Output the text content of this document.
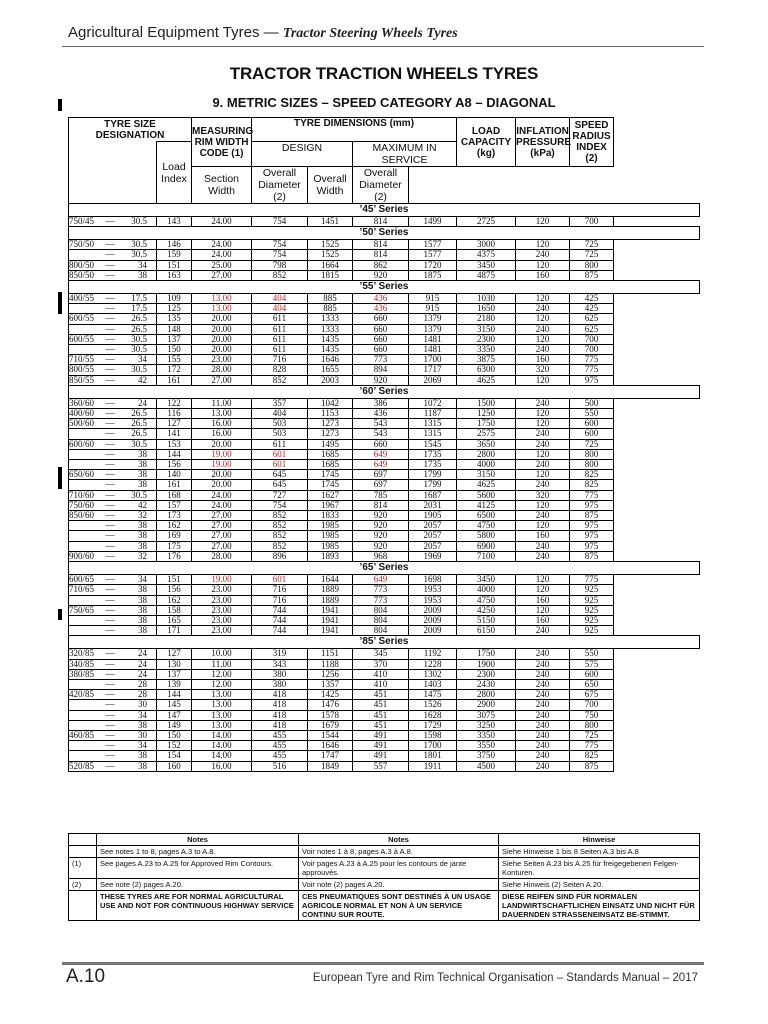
Agricultural Equipment Tyres — Tractor Steering Wheels Tyres
TRACTOR TRACTION WHEELS TYRES
9. METRIC SIZES – SPEED CATEGORY A8 – DIAGONAL
TYRE SIZE DESIGNATION		MEASURING RIM WIDTH CODE (1)	TYRE DIMENSIONS (mm)				LOAD CAPACITY (kg)	INFLATION PRESSURE (kPa)	SPEED RADIUS INDEX (2)
	Load Index		DESIGN		MAXIMUM IN SERVICE				
		Section Width	Overall Diameter (2)	Overall Width	Overall Diameter (2)				
’45’ Series									
750/45 — 30.5	143	24.00	754	1451	814	1499	2725	120	700
’50’ Series									
750/50 — 30.5	146	24.00	754	1525	814	1577	3000	120	725
— 30.5	159	24.00	754	1525	814	1577	4375	240	725
800/50 — 34	151	25.00	798	1664	862	1720	3450	120	800
850/50 — 38	163	27.00	852	1815	920	1875	4875	160	875
’55’ Series									
400/55 — 17.5	109	13.00	404	885	436	915	1030	120	425
— 17.5	125	13.00	404	885	436	915	1650	240	425
600/55 — 26.5	135	20.00	611	1333	660	1379	2180	120	625
— 26.5	148	20.00	611	1333	660	1379	3150	240	625
600/55 — 30.5	137	20.00	611	1435	660	1481	2300	120	700
— 30.5	150	20.00	611	1435	660	1481	3350	240	700
710/55 — 34	155	23.00	716	1646	773	1700	3875	160	775
800/55 — 30.5	172	28.00	828	1655	894	1717	6300	320	775
850/55 — 42	161	27.00	852	2003	920	2069	4625	120	975
’60’ Series									
360/60 — 24	122	11.00	357	1042	386	1072	1500	240	500
400/60 — 26.5	116	13.00	404	1153	436	1187	1250	120	550
500/60 — 26.5	127	16.00	503	1273	543	1315	1750	120	600
— 26.5	141	16.00	503	1273	543	1315	2575	240	600
600/60 — 30.5	153	20.00	611	1495	660	1545	3650	240	725
— 38	144	19.00	601	1685	649	1735	2800	120	800
— 38	156	19.00	601	1685	649	1735	4000	240	800
650/60 — 38	140	20.00	645	1745	697	1799	3150	120	825
— 38	161	20.00	645	1745	697	1799	4625	240	825
710/60 — 30.5	168	24.00	727	1627	785	1687	5600	320	775
750/60 — 42	157	24.00	754	1967	814	2031	4125	120	975
850/60 — 32	173	27.00	852	1833	920	1905	6500	240	875
— 38	162	27.00	852	1985	920	2057	4750	120	975
— 38	169	27.00	852	1985	920	2057	5800	160	975
— 38	175	27.00	852	1985	920	2057	6900	240	975
900/60 — 32	176	28.00	896	1893	968	1969	7100	240	875
’65’ Series									
600/65 — 34	151	19.00	601	1644	649	1698	3450	120	775
710/65 — 38	156	23.00	716	1889	773	1953	4000	120	925
— 38	162	23.00	716	1889	773	1953	4750	160	925
750/65 — 38	158	23.00	744	1941	804	2009	4250	120	925
— 38	165	23.00	744	1941	804	2009	5150	160	925
— 38	171	23.00	744	1941	804	2009	6150	240	925
’85’ Series									
320/85 — 24	127	10.00	319	1151	345	1192	1750	240	550
340/85 — 24	130	11.00	343	1188	370	1228	1900	240	575
380/85 — 24	137	12.00	380	1256	410	1302	2300	240	600
— 28	139	12.00	380	1357	410	1403	2430	240	650
420/85 — 28	144	13.00	418	1425	451	1475	2800	240	675
— 30	145	13.00	418	1476	451	1526	2900	240	700
— 34	147	13.00	418	1578	451	1628	3075	240	750
— 38	149	13.00	418	1679	451	1729	3250	240	800
460/85 — 30	150	14.00	455	1544	491	1598	3350	240	725
— 34	152	14.00	455	1646	491	1700	3550	240	775
— 38	154	14.00	455	1747	491	1801	3750	240	825
520/85 — 38	160	16.00	516	1849	557	1911	4500	240	875
	Notes	Notes	Hinweise
	See notes 1 to 8, pages A.3 to A.8.	Voir notes 1 à 8, pages A.3 à A.8.	Siehe Hinweise 1 bis 8 Seiten A.3 bis A.8
(1)	See pages A.23 to A.25 for Approved Rim Contours.	Voir pages A.23 à A.25 pour les contours de jante approuvés.	Siehe Seiten A.23 bis A.25 für freigegebenen Felgen-Konturen.
(2)	See note (2) pages A.20.	Voir note (2) pages A.20.	Siehe Hinweis (2) Seiten A.20.
	THESE TYRES ARE FOR NORMAL AGRICULTURAL USE AND NOT FOR CONTINUOUS HIGHWAY SERVICE	CES PNEUMATIQUES SONT DESTINÉS À UN USAGE AGRICOLE NORMAL ET NON À UN SERVICE CONTINU SUR ROUTE.	DIESE REIFEN SIND FÜR NORMALEN LANDWIRTSCHAFTLICHEN EINSATZ UND NICHT FÜR DAUERNDEN STRASSENEINSATZ BE-STIMMT.
A.10	European Tyre and Rim Technical Organisation – Standards Manual – 2017
